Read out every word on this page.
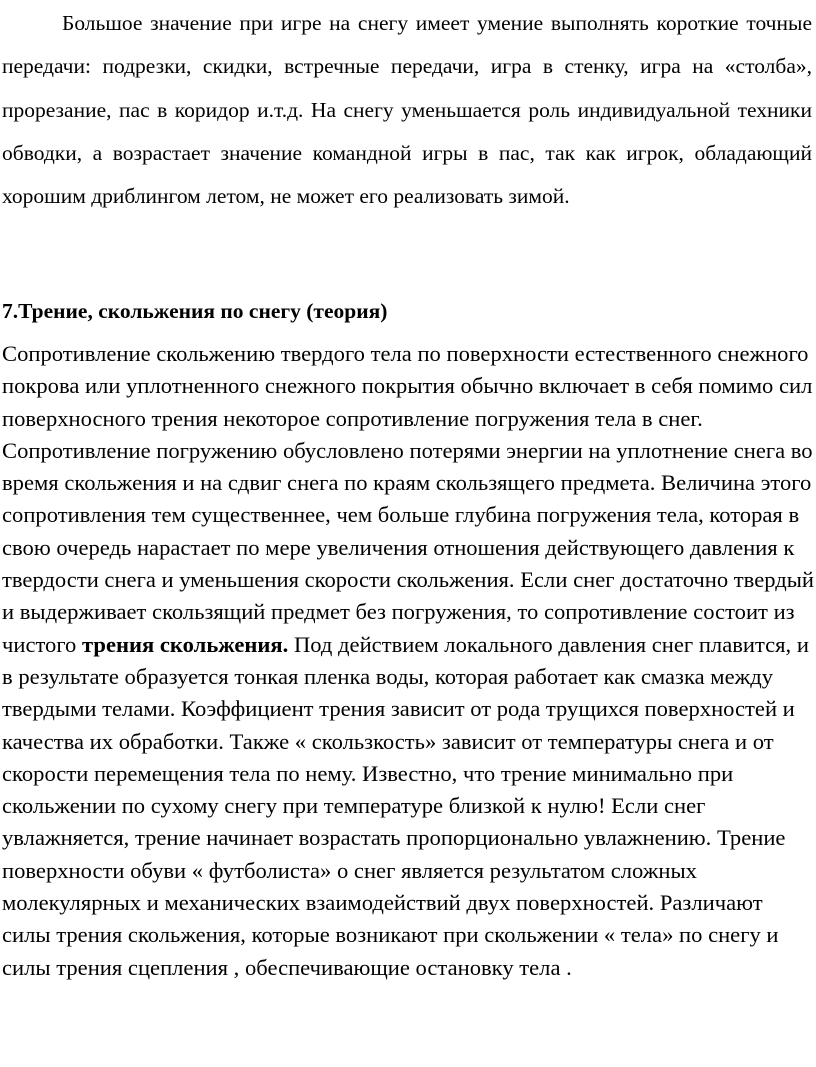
Большое значение при игре на снегу имеет умение выполнять короткие точные передачи: подрезки, скидки, встречные передачи, игра в стенку, игра на «столба», прорезание, пас в коридор и.т.д. На снегу уменьшается роль индивидуальной техники обводки, а возрастает значение командной игры в пас, так как игрок, обладающий хорошим дриблингом летом, не может его реализовать зимой.

7.Трение, скольжения по снегу (теория)

Сопротивление скольжению твердого тела по поверхности естественного снежного покрова или уплотненного снежного покрытия обычно включает в себя помимо сил поверхносного трения некоторое сопротивление погружения тела в снег. Сопротивление погружению обусловлено потерями энергии на уплотнение снега во время скольжения и на сдвиг снега по краям скользящего предмета. Величина этого сопротивления тем существеннее, чем больше глубина погружения тела, которая в свою очередь нарастает по мере увеличения отношения действующего давления к твердости снега и уменьшения скорости скольжения. Если снег достаточно твердый и выдерживает скользящий предмет без погружения, то сопротивление состоит из чистого трения скольжения. Под действием локального давления снег плавится, и в результате образуется тонкая пленка воды, которая работает как смазка между твердыми телами. Коэффициент трения зависит от рода трущихся поверхностей и качества их обработки. Также « скользкость» зависит от температуры снега и от скорости перемещения тела по нему. Известно, что трение минимально при скольжении по сухому снегу при температуре близкой к нулю! Если снег увлажняется, трение начинает возрастать пропорционально увлажнению. Трение поверхности обуви « футболиста» о снег является результатом сложных молекулярных и механических взаимодействий двух поверхностей. Различают силы трения скольжения, которые возникают при скольжении « тела» по снегу и силы трения сцепления , обеспечивающие остановку тела .
